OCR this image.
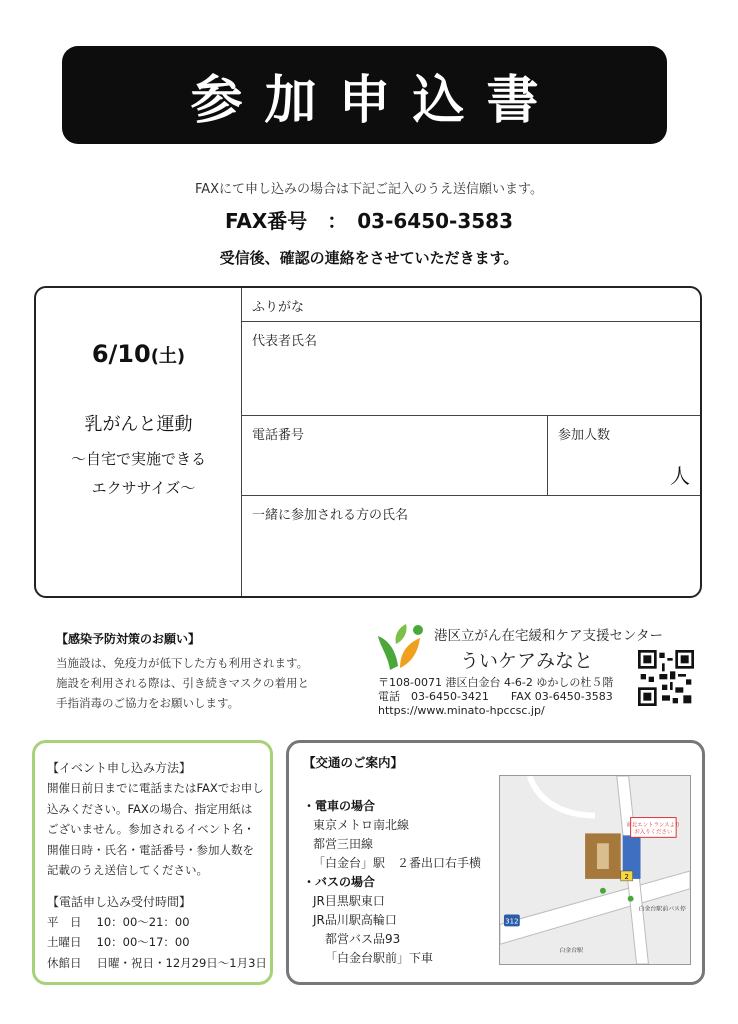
参加申込書
FAXにて申し込みの場合は下記ご記入のうえ送信願います。
FAX番号　：　03-6450-3583
受信後、確認の連絡をさせていただきます。
6/10(土)
乳がんと運動
～自宅で実施できる
エクササイズ～
ふりがな
代表者氏名
電話番号	参加人数
人
一緒に参加される方の氏名
【感染予防対策のお願い】
当施設は、免疫力が低下した方も利用されます。
施設を利用される際は、引き続きマスクの着用と
手指消毒のご協力をお願いします。
港区立がん在宅緩和ケア支援センター
ういケアみなと
〒108-0071 港区白金台 4-6-2 ゆかしの杜５階
電話　03-6450-3421　　FAX 03-6450-3583
https://www.minato-hpccsc.jp/
【イベント申し込み方法】
開催日前日までに電話またはFAXでお申し
込みください。FAXの場合、指定用紙は
ございません。参加されるイベント名・
開催日時・氏名・電話番号・参加人数を
記載のうえ送信してください。
【電話申し込み受付時間】
平　日　 10：00～21：00
土曜日　 10：00～17：00
休館日　 日曜・祝日・12月29日～1月3日
【交通のご案内】
・電車の場合
東京メトロ南北線
都営三田線
「白金台」駅　２番出口右手横
・バスの場合
JR目黒駅東口
JR品川駅高輪口
都営バス品93
「白金台駅前」下車
南北エントランスより
お入りください
2
312
白金台駅
白金台駅前バス停
